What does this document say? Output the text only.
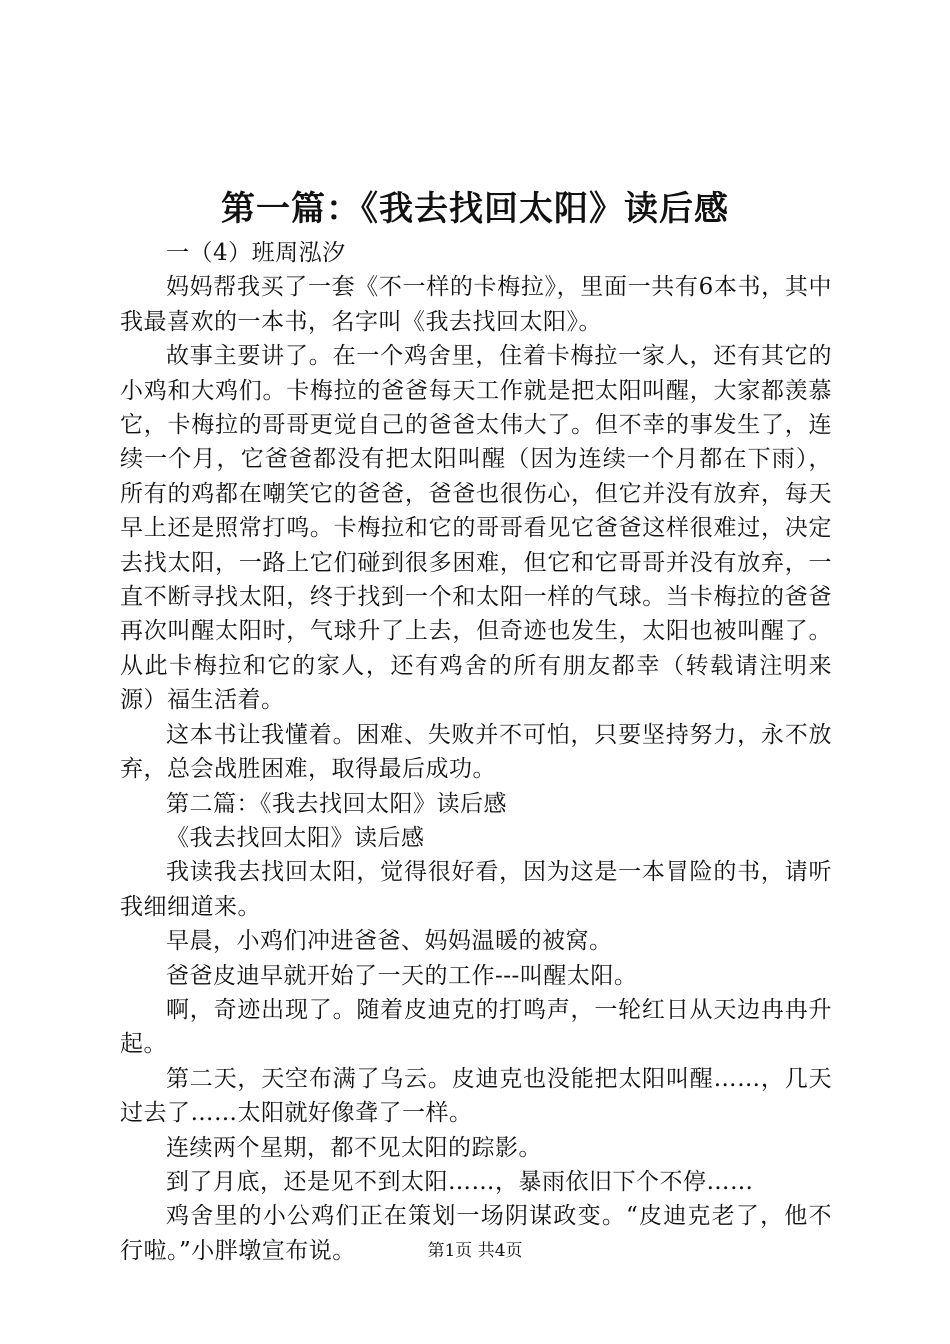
第一篇：《我去找回太阳》读后感

一（4）班周泓汐

妈妈帮我买了一套《不一样的卡梅拉》，里面一共有6本书，其中我最喜欢的一本书，名字叫《我去找回太阳》。

故事主要讲了。在一个鸡舍里，住着卡梅拉一家人，还有其它的小鸡和大鸡们。卡梅拉的爸爸每天工作就是把太阳叫醒，大家都羡慕它，卡梅拉的哥哥更觉自己的爸爸太伟大了。但不幸的事发生了，连续一个月，它爸爸都没有把太阳叫醒（因为连续一个月都在下雨），所有的鸡都在嘲笑它的爸爸，爸爸也很伤心，但它并没有放弃，每天早上还是照常打鸣。卡梅拉和它的哥哥看见它爸爸这样很难过，决定去找太阳，一路上它们碰到很多困难，但它和它哥哥并没有放弃，一直不断寻找太阳，终于找到一个和太阳一样的气球。当卡梅拉的爸爸再次叫醒太阳时，气球升了上去，但奇迹也发生，太阳也被叫醒了。从此卡梅拉和它的家人，还有鸡舍的所有朋友都幸（转载请注明来源）福生活着。

这本书让我懂着。困难、失败并不可怕，只要坚持努力，永不放弃，总会战胜困难，取得最后成功。

第二篇：《我去找回太阳》读后感

《我去找回太阳》读后感

我读我去找回太阳，觉得很好看，因为这是一本冒险的书，请听我细细道来。

早晨，小鸡们冲进爸爸、妈妈温暖的被窝。

爸爸皮迪早就开始了一天的工作---叫醒太阳。

啊，奇迹出现了。随着皮迪克的打鸣声，一轮红日从天边冉冉升起。

第二天，天空布满了乌云。皮迪克也没能把太阳叫醒……，几天过去了……太阳就好像聋了一样。

连续两个星期，都不见太阳的踪影。

到了月底，还是见不到太阳……，暴雨依旧下个不停……

鸡舍里的小公鸡们正在策划一场阴谋政变。“皮迪克老了，他不行啦。”小胖墩宣布说。	第1页 共4页
